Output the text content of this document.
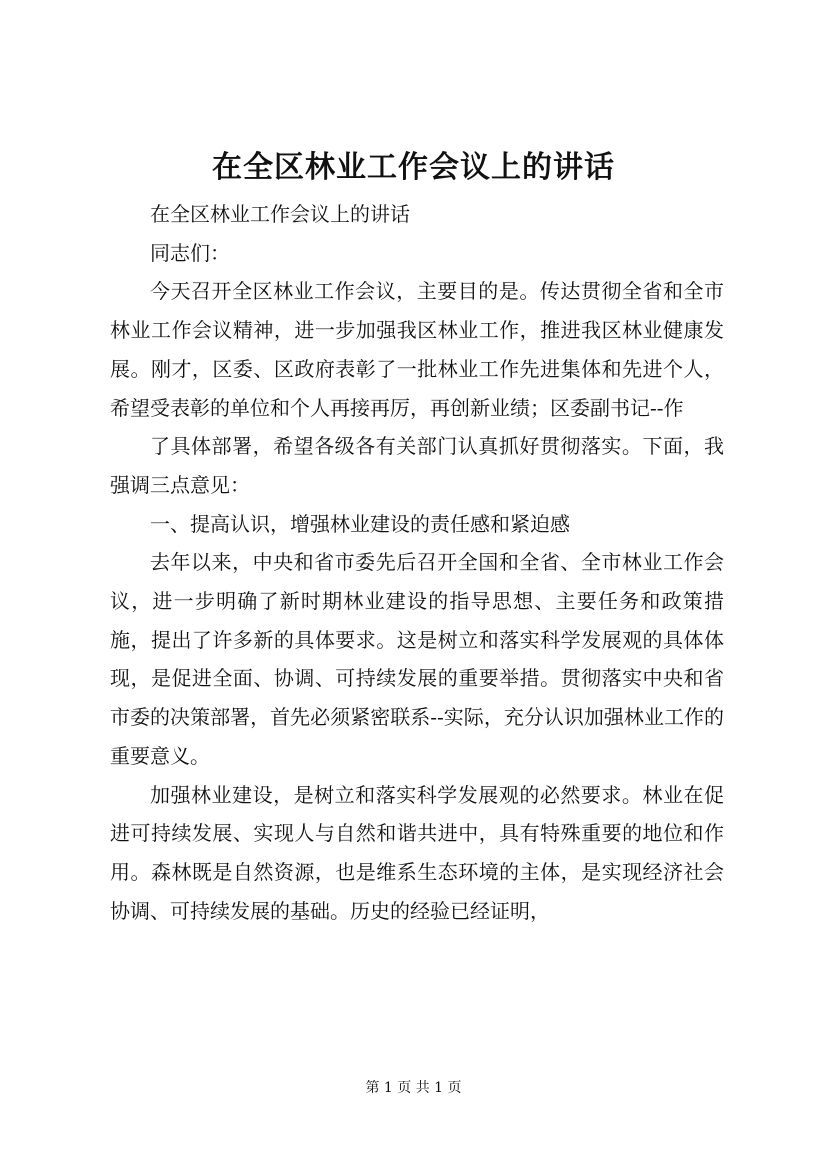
在全区林业工作会议上的讲话

在全区林业工作会议上的讲话

同志们：

今天召开全区林业工作会议，主要目的是。传达贯彻全省和全市林业工作会议精神，进一步加强我区林业工作，推进我区林业健康发展。刚才，区委、区政府表彰了一批林业工作先进集体和先进个人，希望受表彰的单位和个人再接再厉，再创新业绩；区委副书记--作

了具体部署，希望各级各有关部门认真抓好贯彻落实。下面，我强调三点意见：

一、提高认识，增强林业建设的责任感和紧迫感

去年以来，中央和省市委先后召开全国和全省、全市林业工作会议，进一步明确了新时期林业建设的指导思想、主要任务和政策措施，提出了许多新的具体要求。这是树立和落实科学发展观的具体体现，是促进全面、协调、可持续发展的重要举措。贯彻落实中央和省市委的决策部署，首先必须紧密联系--实际，充分认识加强林业工作的重要意义。

加强林业建设，是树立和落实科学发展观的必然要求。林业在促进可持续发展、实现人与自然和谐共进中，具有特殊重要的地位和作用。森林既是自然资源，也是维系生态环境的主体，是实现经济社会协调、可持续发展的基础。历史的经验已经证明，

第 1 页 共 1 页
